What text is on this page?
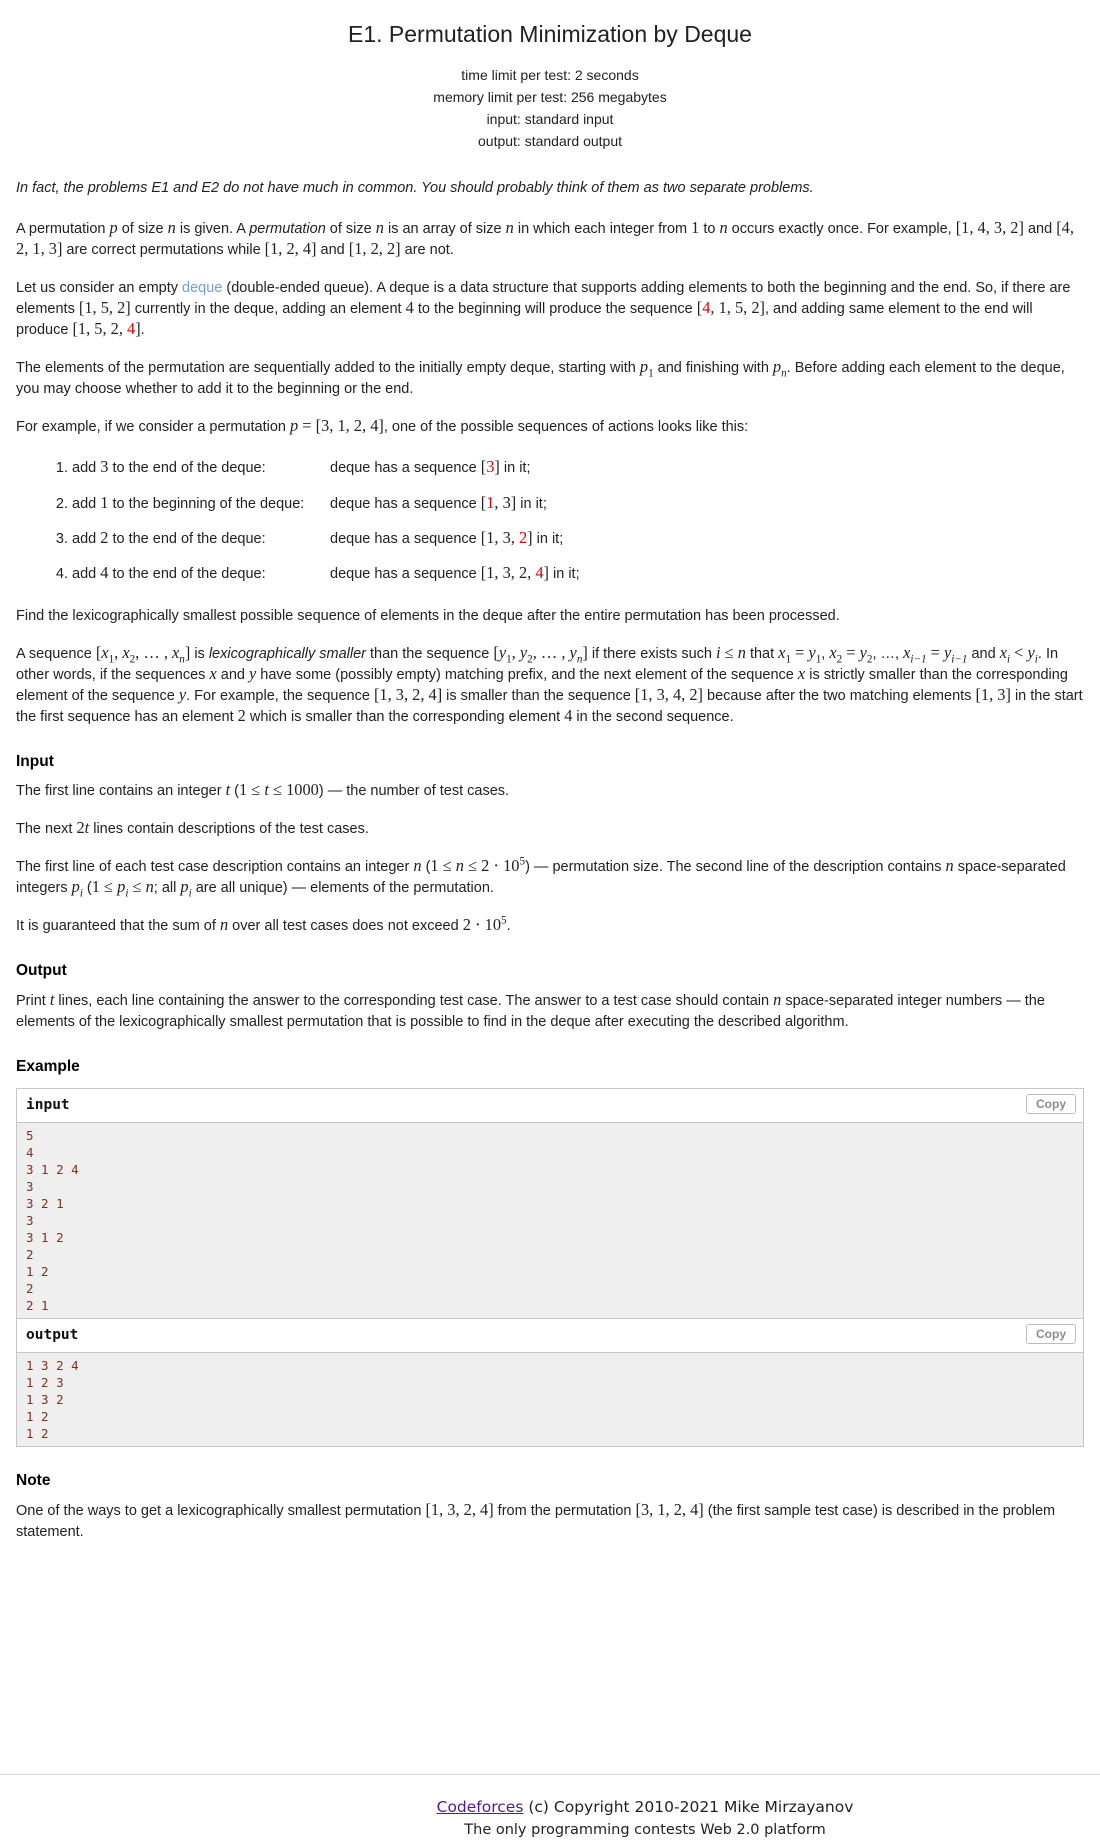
E1. Permutation Minimization by Deque
time limit per test: 2 seconds
memory limit per test: 256 megabytes
input: standard input
output: standard output
In fact, the problems E1 and E2 do not have much in common. You should probably think of them as two separate problems.

A permutation p of size n is given. A permutation of size n is an array of size n in which each integer from 1 to n occurs exactly once. For example, [1, 4, 3, 2] and [4, 2, 1, 3] are correct permutations while [1, 2, 4] and [1, 2, 2] are not.

Let us consider an empty deque (double-ended queue). A deque is a data structure that supports adding elements to both the beginning and the end. So, if there are elements [1, 5, 2] currently in the deque, adding an element 4 to the beginning will produce the sequence [4, 1, 5, 2], and adding same element to the end will produce [1, 5, 2, 4].

The elements of the permutation are sequentially added to the initially empty deque, starting with $p_1$ and finishing with $p_n$. Before adding each element to the deque, you may choose whether to add it to the beginning or the end.

For example, if we consider a permutation p = [3, 1, 2, 4], one of the possible sequences of actions looks like this:

1. add 3 to the end of the deque:	deque has a sequence [3] in it;
2. add 1 to the beginning of the deque: deque has a sequence [1, 3] in it;
3. add 2 to the end of the deque:	deque has a sequence [1, 3, 2] in it;
4. add 4 to the end of the deque:	deque has a sequence [1, 3, 2, 4] in it;

Find the lexicographically smallest possible sequence of elements in the deque after the entire permutation has been processed.

A sequence [$x_1$, $x_2$, … , $x_n$] is lexicographically smaller than the sequence [$y_1$, $y_2$, … , $y_n$] if there exists such i ≤ n that $x_1 = y_1$, $x_2 = y_2$, …, $x_{i-1} = y_{i-1}$ and $x_i < y_i$. In other words, if the sequences x and y have some (possibly empty) matching prefix, and the next element of the sequence x is strictly smaller than the corresponding element of the sequence y. For example, the sequence [1, 3, 2, 4] is smaller than the sequence [1, 3, 4, 2] because after the two matching elements [1, 3] in the start the first sequence has an element 2 which is smaller than the corresponding element 4 in the second sequence.

Input

The first line contains an integer t (1 ≤ t ≤ 1000) — the number of test cases.

The next 2t lines contain descriptions of the test cases.

The first line of each test case description contains an integer n $(1 \le n \le 2 \cdot 10^5)$ — permutation size. The second line of the description contains n space-separated integers $p_i$ ($1 \le p_i \le n$; all $p_i$ are all unique) — elements of the permutation.

It is guaranteed that the sum of n over all test cases does not exceed $2 \cdot 10^5$.

Output

Print t lines, each line containing the answer to the corresponding test case. The answer to a test case should contain n space-separated integer numbers — the elements of the lexicographically smallest permutation that is possible to find in the deque after executing the described algorithm.

Example
input	Copy
5
4
3 1 2 4
3
3 2 1
3
3 1 2
2
1 2
2
2 1
output	Copy
1 3 2 4
1 2 3
1 3 2
1 2
1 2
Note

One of the ways to get a lexicographically smallest permutation [1, 3, 2, 4] from the permutation [3, 1, 2, 4] (the first sample test case) is described in the problem statement.

Codeforces (c) Copyright 2010-2021 Mike Mirzayanov
The only programming contests Web 2.0 platform
